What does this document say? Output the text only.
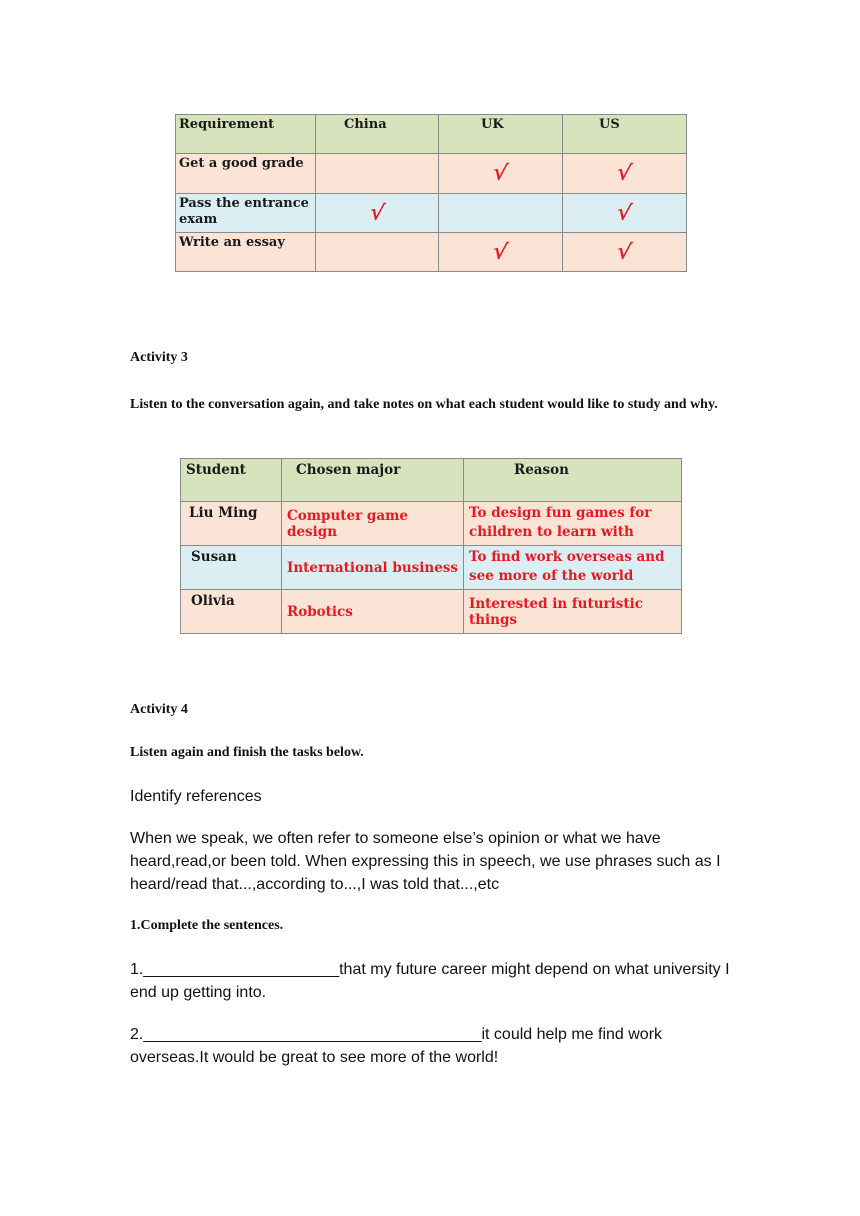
Requirement	China	UK	US
Get a good grade		√	√
Pass the entrance exam	√		√
Write an essay		√	√
Activity 3
Listen to the conversation again, and take notes on what each student would like to study and why.
Student	Chosen major	Reason
Liu Ming	Computer game design	To design fun games for children to learn with
Susan	International business	To find work overseas and see more of the world
Olivia	Robotics	Interested in futuristic things
Activity 4
Listen again and finish the tasks below.
Identify references
When we speak, we often refer to someone else’s opinion or what we have heard,read,or been told. When expressing this in speech, we use phrases such as I heard/read that...,according to...,I was told that...,etc
1.Complete the sentences.
1.______________________that my future career might depend on what university I end up getting into.
2.______________________________________it could help me find work overseas.It would be great to see more of the world!
